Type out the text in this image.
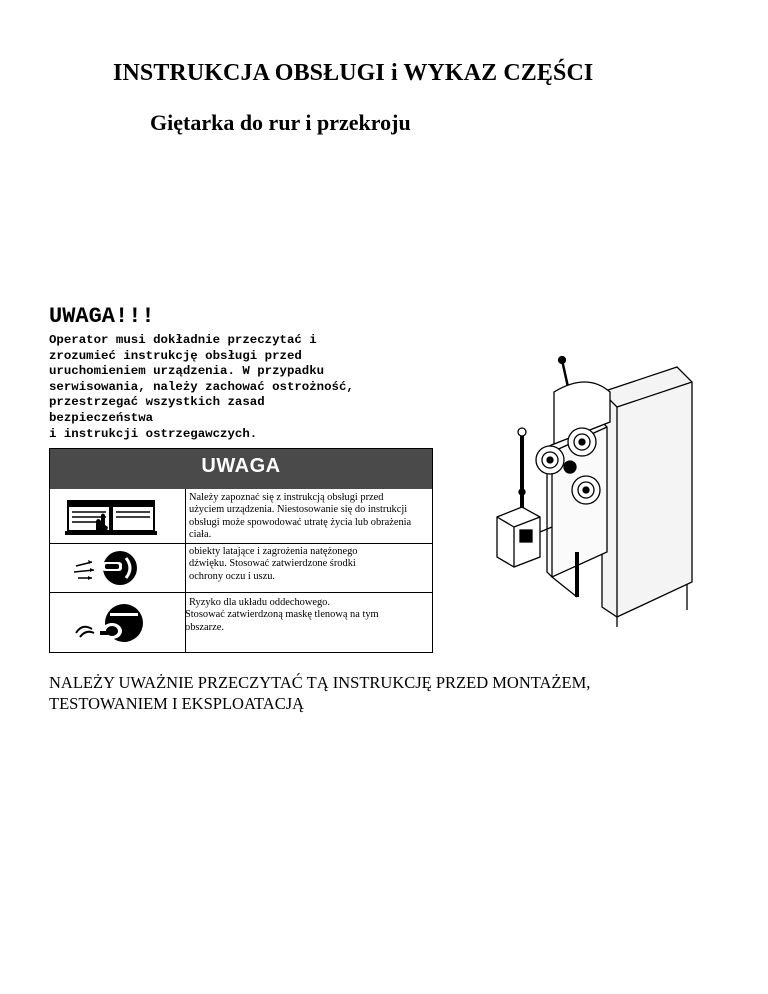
INSTRUKCJA OBSŁUGI i WYKAZ CZĘŚCI
Giętarka do rur i przekroju
UWAGA!!!
Operator musi dokładnie przeczytać i
zrozumieć instrukcję obsługi przed
uruchomieniem urządzenia. W przypadku
serwisowania, należy zachować ostrożność,
przestrzegać wszystkich zasad
bezpieczeństwa
i instrukcji ostrzegawczych.
UWAGA
Należy zapoznać się z instrukcją obsługi przed
użyciem urządzenia. Niestosowanie się do instrukcji
obsługi może spowodować utratę życia lub obrażenia
ciała.
obiekty latające i zagrożenia natężonego
dźwięku. Stosować zatwierdzone środki
ochrony oczu i uszu.
Ryzyko dla układu oddechowego.
Stosować zatwierdzoną maskę tlenową na tym
obszarze.
NALEŻY UWAŻNIE PRZECZYTAĆ TĄ INSTRUKCJĘ PRZED MONTAŻEM,
TESTOWANIEM I EKSPLOATACJĄ
